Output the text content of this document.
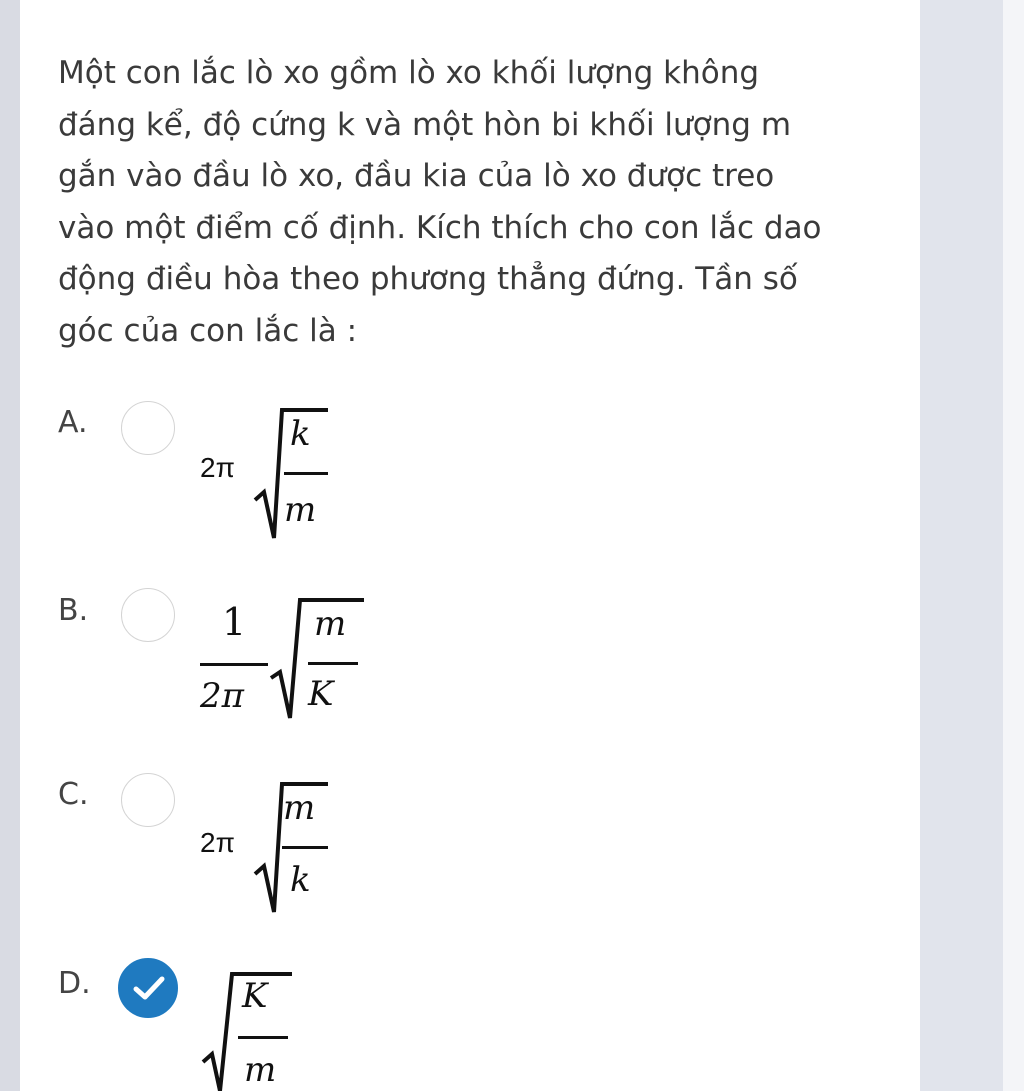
Một con lắc lò xo gồm lò xo khối lượng không
đáng kể, độ cứng k và một hòn bi khối lượng m
gắn vào đầu lò xo, đầu kia của lò xo được treo
vào một điểm cố định. Kích thích cho con lắc dao
động điều hòa theo phương thẳng đứng. Tần số
góc của con lắc là :
A.
2π
k
m
B.	1
2π
m
K
C.
2π
m
k
D.	K
m
